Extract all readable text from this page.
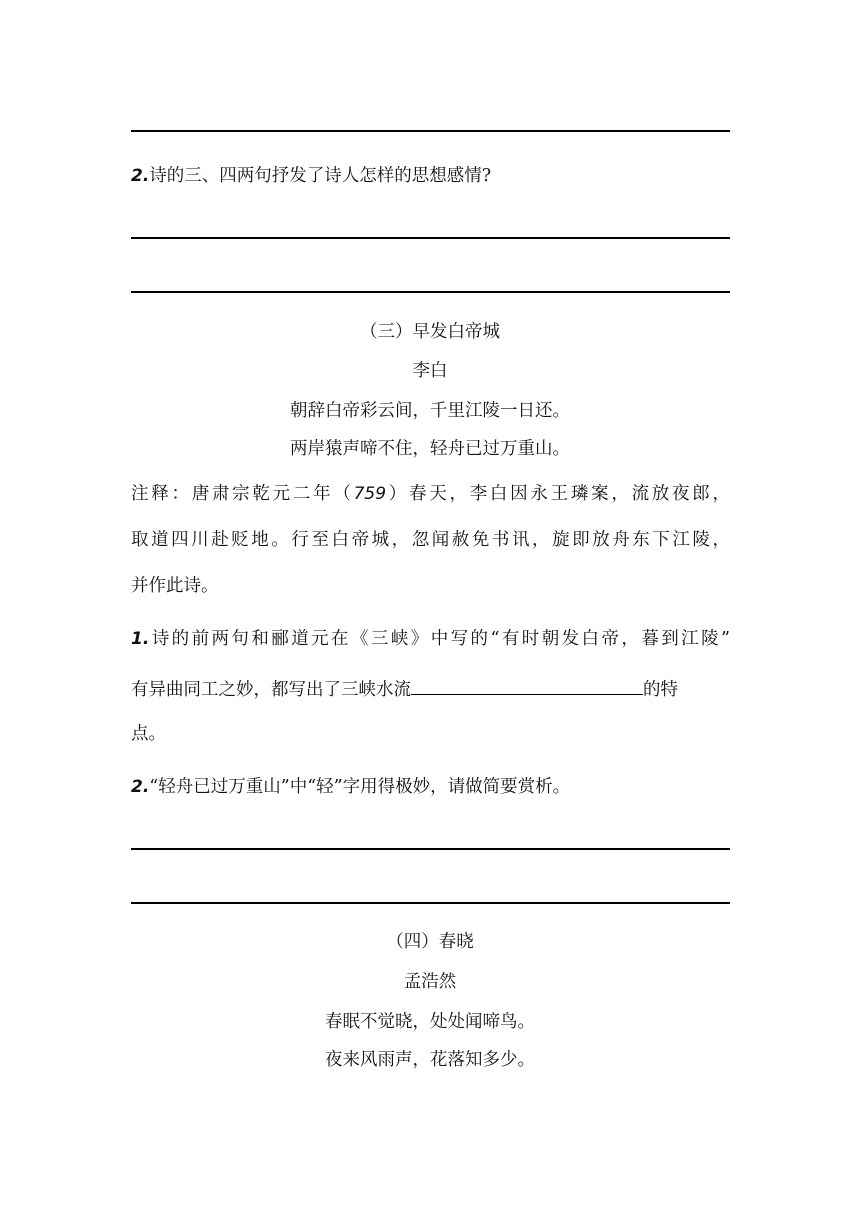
2.诗的三、四两句抒发了诗人怎样的思想感情?
（三）早发白帝城
李白
朝辞白帝彩云间，千里江陵一日还。
两岸猿声啼不住，轻舟已过万重山。
注释：唐肃宗乾元二年（759）春天，李白因永王璘案，流放夜郎，
取道四川赴贬地。行至白帝城，忽闻赦免书讯，旋即放舟东下江陵，
并作此诗。
1.诗的前两句和郦道元在《三峡》中写的“有时朝发白帝，暮到江陵”
有异曲同工之妙，都写出了三峡水流	的特
点。
2.“轻舟已过万重山”中“轻”字用得极妙，请做简要赏析。
（四）春晓
孟浩然
春眠不觉晓，处处闻啼鸟。
夜来风雨声，花落知多少。
